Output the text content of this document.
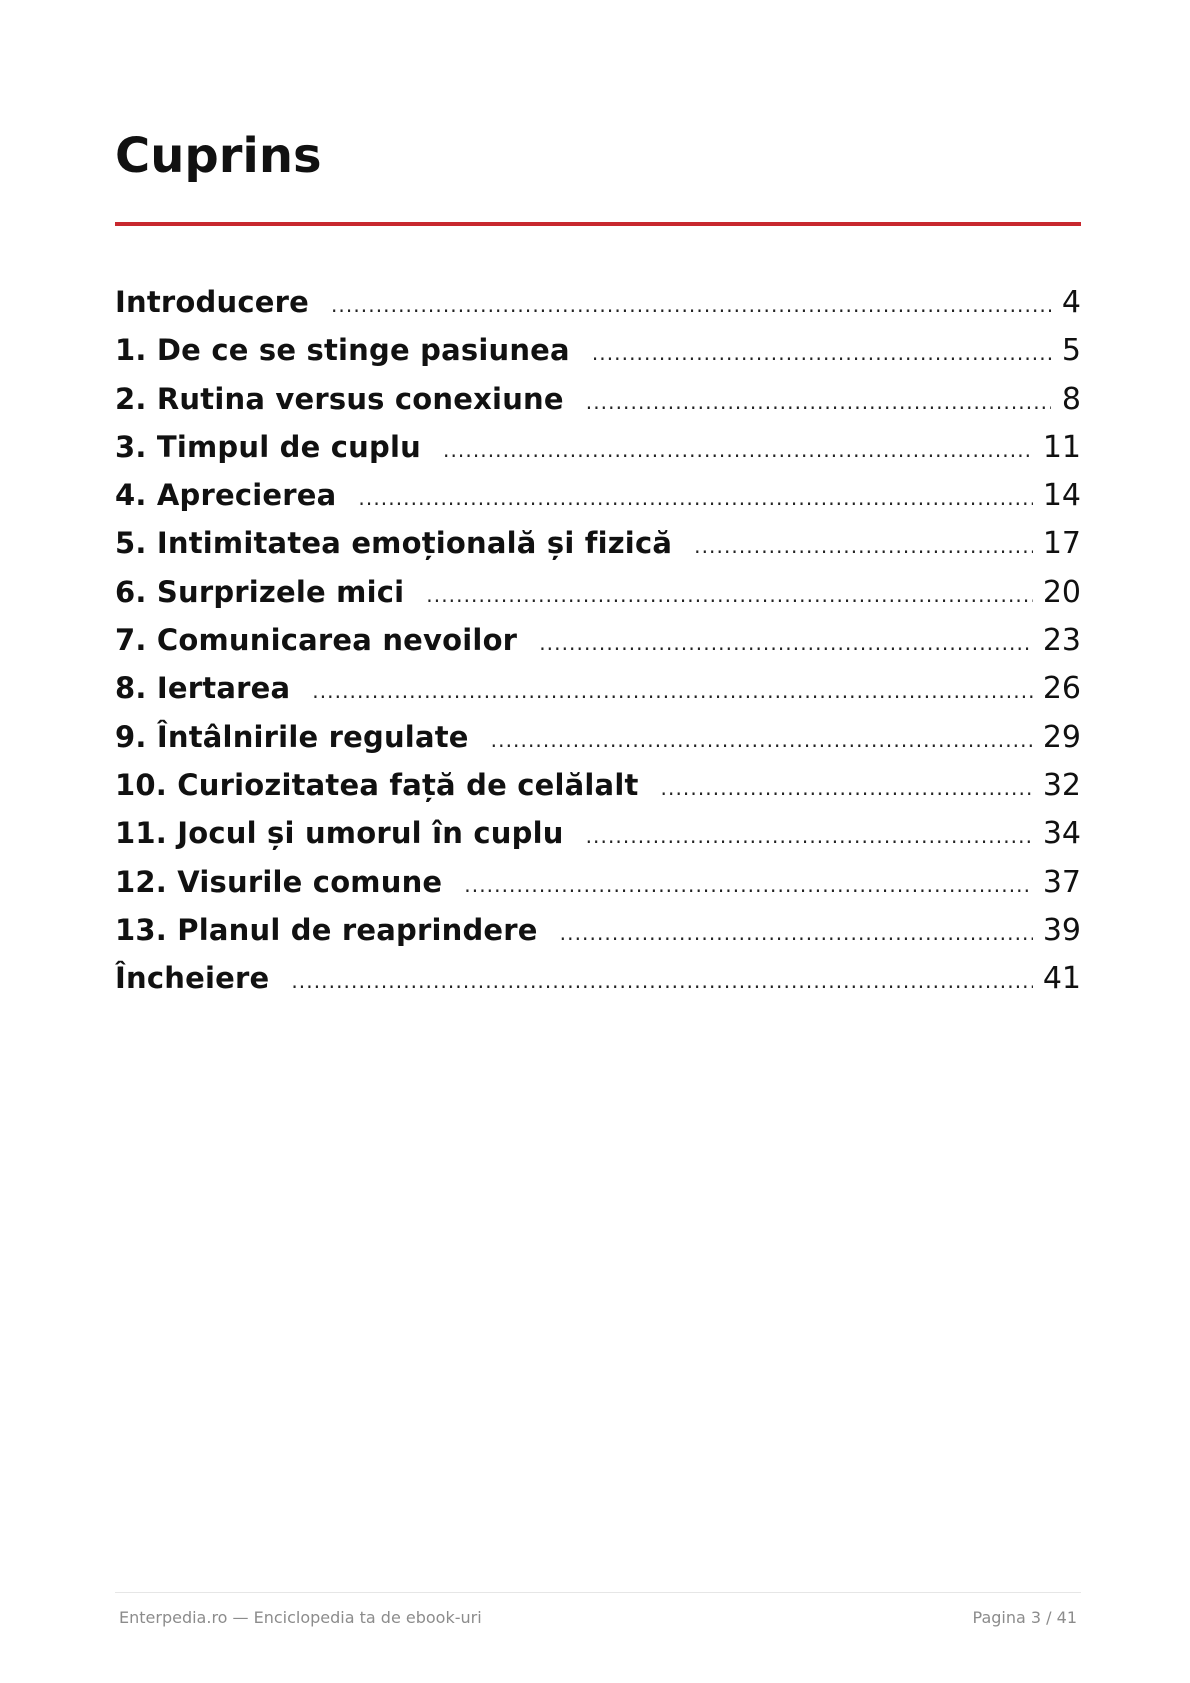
Cuprins
Introducere .....	4
1. De ce se stinge pasiunea .....	5
2. Rutina versus conexiune .....	8
3. Timpul de cuplu .....	11
4. Aprecierea .....	14
5. Intimitatea emoțională și fizică .....	17
6. Surprizele mici .....	20
7. Comunicarea nevoilor .....	23
8. Iertarea .....	26
9. Întâlnirile regulate .....	29
10. Curiozitatea față de celălalt .....	32
11. Jocul și umorul în cuplu .....	34
12. Visurile comune .....	37
13. Planul de reaprindere .....	39
Încheiere .....	41
Enterpedia.ro — Enciclopedia ta de ebook-uri	Pagina 3 / 41
